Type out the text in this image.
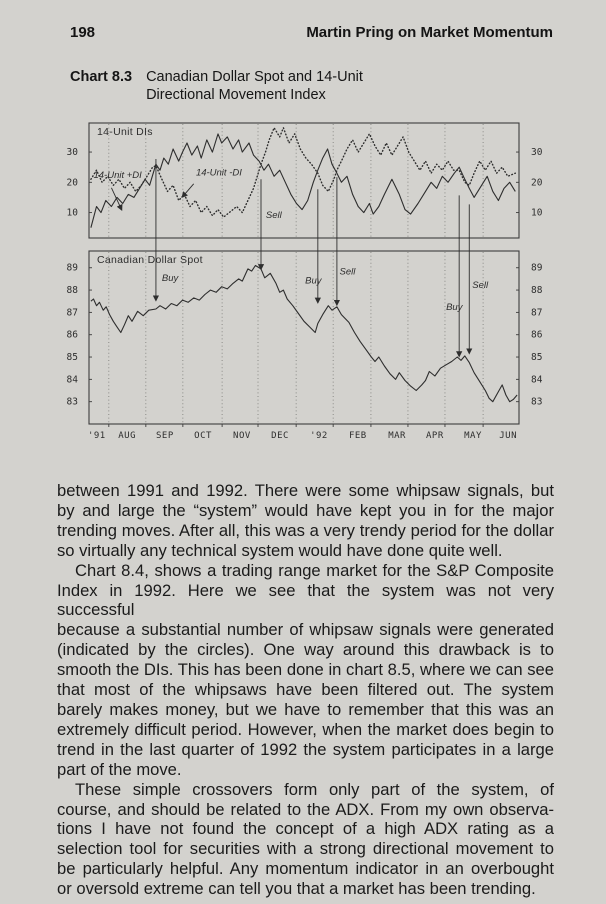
198	Martin Pring on Market Momentum
Chart 8.3 Canadian Dollar Spot and 14-Unit
Directional Movement Index
10	10
20	20
30	30
14-Unit DIs
14-Unit +DI	14-Unit -DI
Sell
83	83
84	84
85	85
86	86
87	87
88	88
89	89
Canadian Dollar Spot
Buy	Buy
Sell
Buy
Sell
'91 AUG SEP OCT NOV DEC '92 FEB MAR APR MAY JUN
between 1991 and 1992. There were some whipsaw signals, but
by and large the “system” would have kept you in for the major
trending moves. After all, this was a very trendy period for the dollar
so virtually any technical system would have done quite well.
Chart 8.4, shows a trading range market for the S&P Composite
Index in 1992. Here we see that the system was not very successful
because a substantial number of whipsaw signals were generated
(indicated by the circles). One way around this drawback is to
smooth the DIs. This has been done in chart 8.5, where we can see
that most of the whipsaws have been filtered out. The system
barely makes money, but we have to remember that this was an
extremely difficult period. However, when the market does begin to
trend in the last quarter of 1992 the system participates in a large
part of the move.
These simple crossovers form only part of the system, of
course, and should be related to the ADX. From my own observa-
tions I have not found the concept of a high ADX rating as a
selection tool for securities with a strong directional movement to
be particularly helpful. Any momentum indicator in an overbought
or oversold extreme can tell you that a market has been trending.
